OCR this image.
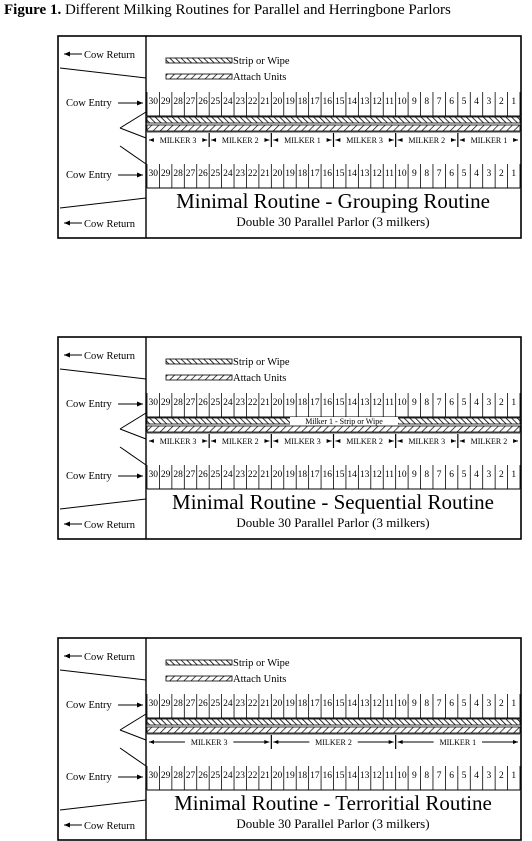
Figure 1. Different Milking Routines for Parallel and Herringbone Parlors
Cow Return
Cow Entry
Cow Entry
Cow Return
Strip or Wipe
Attach Units
30 29 28 27 26 25 24 23 22 21 20 19 18 17 16 15 14 13 12 11 10 9 8 7 6 5 4 3 2 1
30 29 28 27 26 25 24 23 22 21 20 19 18 17 16 15 14 13 12 11 10 9 8 7 6 5 4 3 2 1
MILKER 3	MILKER 2	MILKER 1	MILKER 3	MILKER 2	MILKER 1
Minimal Routine - Grouping Routine
Double 30 Parallel Parlor (3 milkers)
Cow Return
Cow Entry
Cow Entry
Cow Return
Strip or Wipe
Attach Units
30 29 28 27 26 25 24 23 22 21 20 19 18 17 16 15 14 13 12 11 10 9 8 7 6 5 4 3 2 1
30 29 28 27 26 25 24 23 22 21 20 19 18 17 16 15 14 13 12 11 10 9 8 7 6 5 4 3 2 1
Milker 1 - Strip or Wipe
MILKER 3	MILKER 2	MILKER 3	MILKER 2	MILKER 3	MILKER 2
Minimal Routine - Sequential Routine
Double 30 Parallel Parlor (3 milkers)
Cow Return
Cow Entry
Cow Entry
Cow Return
Strip or Wipe
Attach Units
30 29 28 27 26 25 24 23 22 21 20 19 18 17 16 15 14 13 12 11 10 9 8 7 6 5 4 3 2 1
30 29 28 27 26 25 24 23 22 21 20 19 18 17 16 15 14 13 12 11 10 9 8 7 6 5 4 3 2 1
MILKER 3	MILKER 2	MILKER 1
Minimal Routine - Terroritial Routine
Double 30 Parallel Parlor (3 milkers)
